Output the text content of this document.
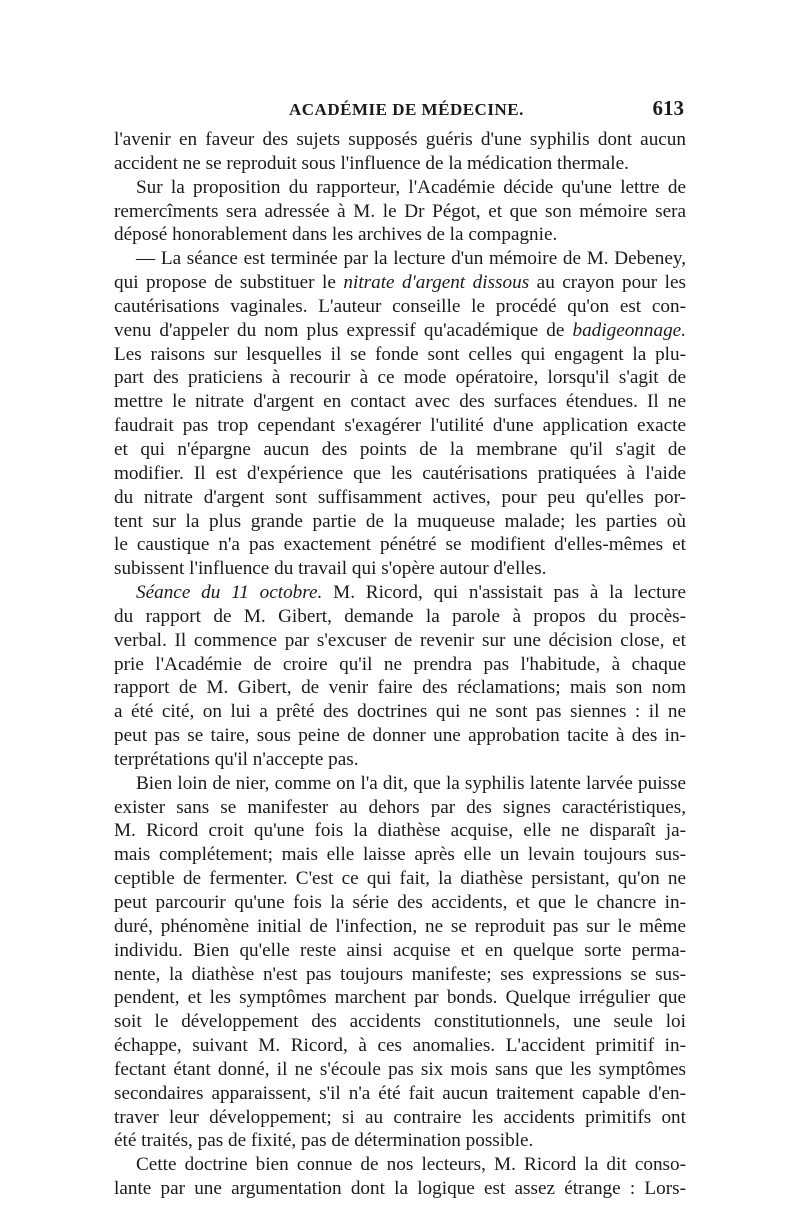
ACADÉMIE DE MÉDECINE.	613

l'avenir en faveur des sujets supposés guéris d'une syphilis dont aucun
accident ne se reproduit sous l'influence de la médication thermale.

Sur la proposition du rapporteur, l'Académie décide qu'une lettre de
remercîments sera adressée à M. le Dr Pégot, et que son mémoire sera
déposé honorablement dans les archives de la compagnie.

— La séance est terminée par la lecture d'un mémoire de M. Debeney,
qui propose de substituer le nitrate d'argent dissous au crayon pour les
cautérisations vaginales. L'auteur conseille le procédé qu'on est con-
venu d'appeler du nom plus expressif qu'académique de badigeonnage.
Les raisons sur lesquelles il se fonde sont celles qui engagent la plu-
part des praticiens à recourir à ce mode opératoire, lorsqu'il s'agit de
mettre le nitrate d'argent en contact avec des surfaces étendues. Il ne
faudrait pas trop cependant s'exagérer l'utilité d'une application exacte
et qui n'épargne aucun des points de la membrane qu'il s'agit de
modifier. Il est d'expérience que les cautérisations pratiquées à l'aide
du nitrate d'argent sont suffisamment actives, pour peu qu'elles por-
tent sur la plus grande partie de la muqueuse malade; les parties où
le caustique n'a pas exactement pénétré se modifient d'elles-mêmes et
subissent l'influence du travail qui s'opère autour d'elles.

Séance du 11 octobre. M. Ricord, qui n'assistait pas à la lecture
du rapport de M. Gibert, demande la parole à propos du procès-
verbal. Il commence par s'excuser de revenir sur une décision close, et
prie l'Académie de croire qu'il ne prendra pas l'habitude, à chaque
rapport de M. Gibert, de venir faire des réclamations; mais son nom
a été cité, on lui a prêté des doctrines qui ne sont pas siennes : il ne
peut pas se taire, sous peine de donner une approbation tacite à des in-
terprétations qu'il n'accepte pas.

Bien loin de nier, comme on l'a dit, que la syphilis latente larvée puisse
exister sans se manifester au dehors par des signes caractéristiques,
M. Ricord croit qu'une fois la diathèse acquise, elle ne disparaît ja-
mais complétement; mais elle laisse après elle un levain toujours sus-
ceptible de fermenter. C'est ce qui fait, la diathèse persistant, qu'on ne
peut parcourir qu'une fois la série des accidents, et que le chancre in-
duré, phénomène initial de l'infection, ne se reproduit pas sur le même
individu. Bien qu'elle reste ainsi acquise et en quelque sorte perma-
nente, la diathèse n'est pas toujours manifeste; ses expressions se sus-
pendent, et les symptômes marchent par bonds. Quelque irrégulier que
soit le développement des accidents constitutionnels, une seule loi
échappe, suivant M. Ricord, à ces anomalies. L'accident primitif in-
fectant étant donné, il ne s'écoule pas six mois sans que les symptômes
secondaires apparaissent, s'il n'a été fait aucun traitement capable d'en-
traver leur développement; si au contraire les accidents primitifs ont
été traités, pas de fixité, pas de détermination possible.

Cette doctrine bien connue de nos lecteurs, M. Ricord la dit conso-
lante par une argumentation dont la logique est assez étrange : Lors-
